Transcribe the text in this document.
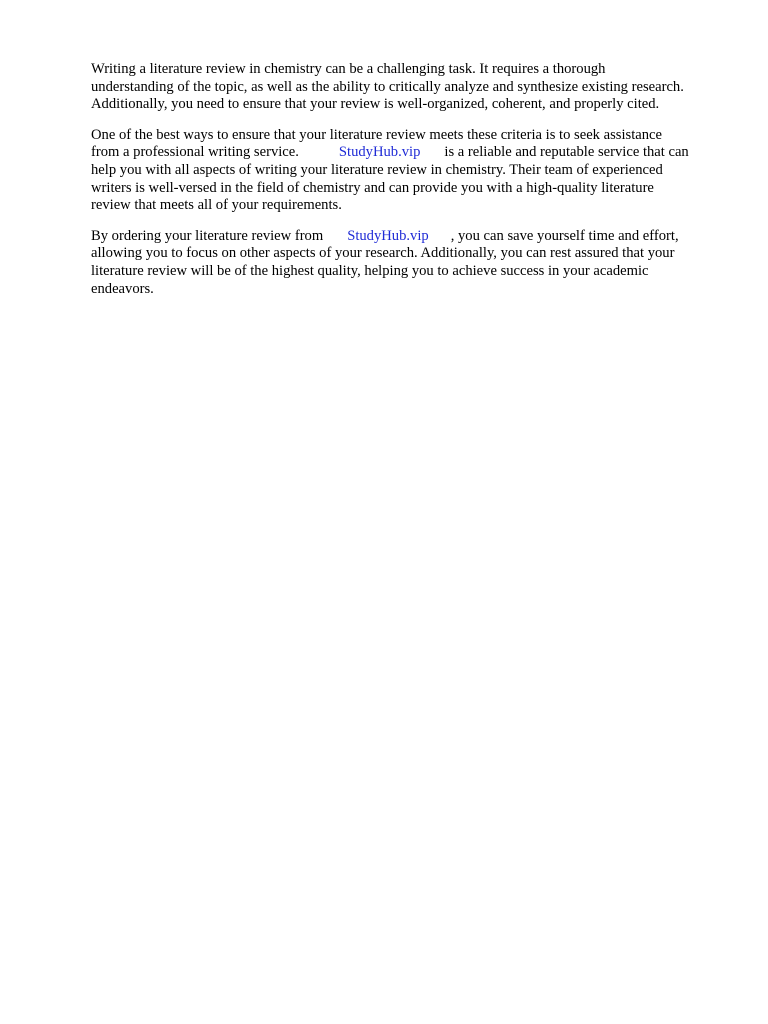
Writing a literature review in chemistry can be a challenging task. It requires a thorough
understanding of the topic, as well as the ability to critically analyze and synthesize existing research.
Additionally, you need to ensure that your review is well-organized, coherent, and properly cited.
One of the best ways to ensure that your literature review meets these criteria is to seek assistance
from a professional writing service.	StudyHub.vip is a reliable and reputable service that can
help you with all aspects of writing your literature review in chemistry. Their team of experienced
writers is well-versed in the field of chemistry and can provide you with a high-quality literature
review that meets all of your requirements.
By ordering your literature review from StudyHub.vip , you can save yourself time and effort,
allowing you to focus on other aspects of your research. Additionally, you can rest assured that your
literature review will be of the highest quality, helping you to achieve success in your academic
endeavors.
